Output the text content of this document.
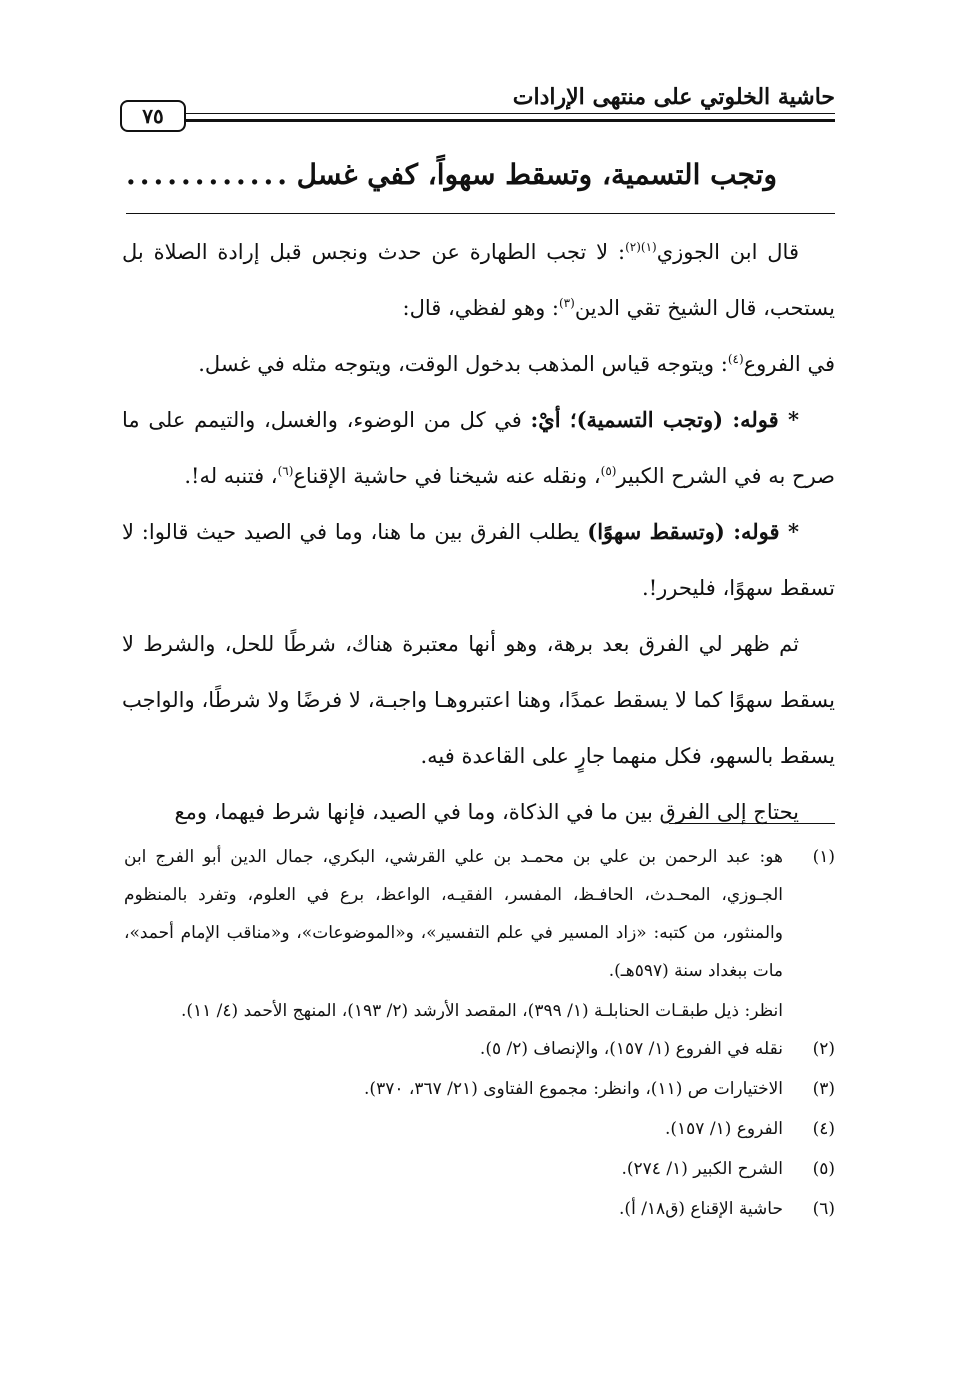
حاشية الخلوتي على منتهى الإرادات
٧٥
وتجب التسمية، وتسقط سهواً، كفي غسل
............

قال ابن الجوزي$^{(١)(٢)}$: لا تجب الطهارة عن حدث ونجس قبل إرادة الصلاة بل يستحب، قال الشيخ تقي الدين$^{(٣)}$: وهو لفظي، قال:

في الفروع$^{(٤)}$: ويتوجه قياس المذهب بدخول الوقت، ويتوجه مثله في غسل.

* قوله: (وتجب التسمية)؛ أيْ: في كل من الوضوء، والغسل، والتيمم على ما صرح به في الشرح الكبير$^{(٥)}$، ونقله عنه شيخنا في حاشية الإقناع$^{(٦)}$، فتنبه له!.

* قوله: (وتسقط سهوًا) يطلب الفرق بين ما هنا، وما في الصيد حيث قالوا: لا تسقط سهوًا، فليحرر!.

ثم ظهر لي الفرق بعد برهة، وهو أنها معتبرة هناك، شرطًا للحل، والشرط لا يسقط سهوًا كما لا يسقط عمدًا، وهنا اعتبروهـا واجبـة، لا فرضًا ولا شرطًا، والواجب يسقط بالسهو، فكل منهما جارٍ على القاعدة فيه.

يحتاج إلى الفرق بين ما في الذكاة، وما في الصيد، فإنها شرط فيهما، ومع

(١)
هو: عبد الرحمن بن علي بن محمـد بن علي القرشي، البكري، جمال الدين أبو الفرج ابن الجـوزي، المحـدث، الحافـظ، المفسر، الفقيـه، الواعظ، برع في العلوم، وتفرد بالمنظوم والمنثور، من كتبه: «زاد المسير في علم التفسير»، و«الموضوعات»، و«مناقب الإمام أحمد»، مات ببغداد سنة (٥٩٧هـ).
انظر: ذيل طبقـات الحنابلـة (١/ ٣٩٩)، المقصد الأرشد (٢/ ١٩٣)، المنهج الأحمد (٤/ ١١).
(٢)
نقله في الفروع (١/ ١٥٧)، والإنصاف (٢/ ٥).
(٣)
الاختيارات ص (١١)، وانظر: مجموع الفتاوى (٢١/ ٣٦٧، ٣٧٠).
(٤)
الفروع (١/ ١٥٧).
(٥)
الشرح الكبير (١/ ٢٧٤).
(٦)
حاشية الإقناع (ق١٨/ أ).
